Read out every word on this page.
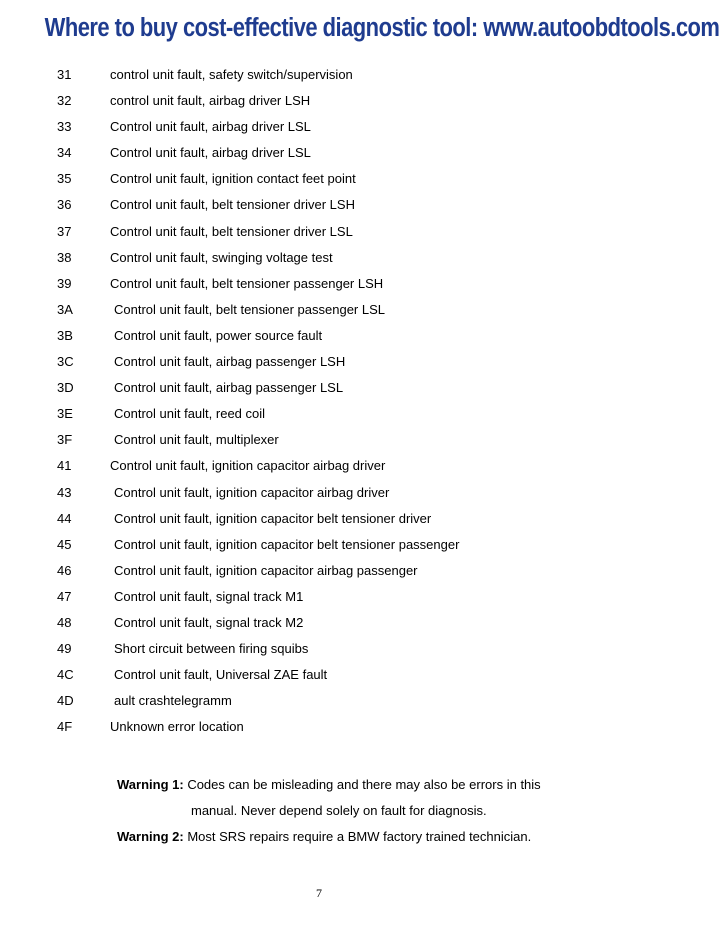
Where to buy cost-effective diagnostic tool: www.autoobdtools.com
31	control unit fault, safety switch/supervision
32	control unit fault, airbag driver LSH
33	Control unit fault, airbag driver LSL
34	Control unit fault, airbag driver LSL
35	Control unit fault, ignition contact feet point
36	Control unit fault, belt tensioner driver LSH
37	Control unit fault, belt tensioner driver LSL
38	Control unit fault, swinging voltage test
39	Control unit fault, belt tensioner passenger LSH
3A	Control unit fault, belt tensioner passenger LSL
3B	Control unit fault, power source fault
3C	Control unit fault, airbag passenger LSH
3D	Control unit fault, airbag passenger LSL
3E	Control unit fault, reed coil
3F	Control unit fault, multiplexer
41	Control unit fault, ignition capacitor airbag driver
43	Control unit fault, ignition capacitor airbag driver
44	Control unit fault, ignition capacitor belt tensioner driver
45	Control unit fault, ignition capacitor belt tensioner passenger
46	Control unit fault, ignition capacitor airbag passenger
47	Control unit fault, signal track M1
48	Control unit fault, signal track M2
49	Short circuit between firing squibs
4C	Control unit fault, Universal ZAE fault
4D	ault crashtelegramm
4F	Unknown error location
Warning 1: Codes can be misleading and there may also be errors in this
manual. Never depend solely on fault for diagnosis.
Warning 2: Most SRS repairs require a BMW factory trained technician.
7
